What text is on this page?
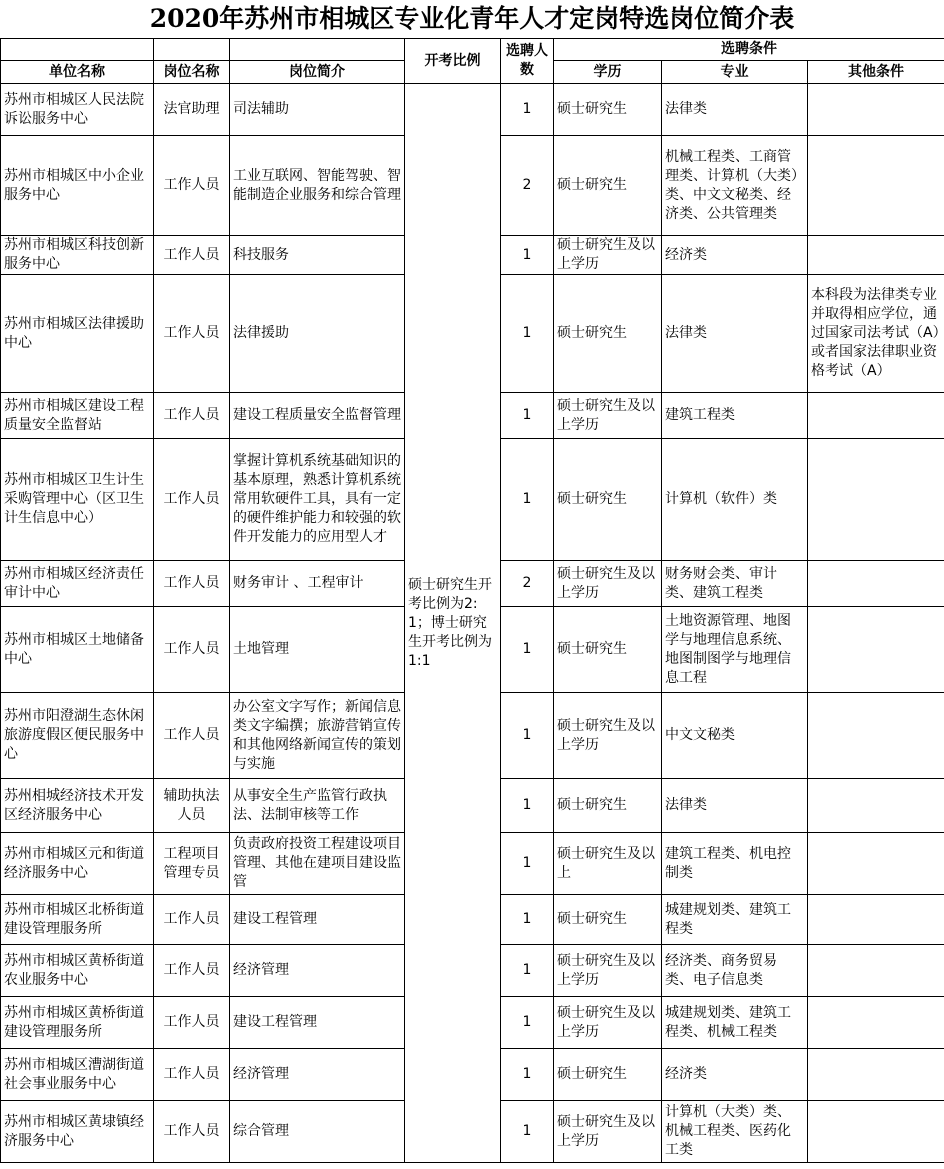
2020年苏州市相城区专业化青年人才定岗特选岗位简介表
			开考比例	选聘人数	选聘条件		
单位名称	岗位名称	岗位简介			学历	专业	其他条件
苏州市相城区人民法院诉讼服务中心	法官助理	司法辅助	硕士研究生开考比例为2:1；博士研究生开考比例为1:1	1	硕士研究生	法律类	
苏州市相城区中小企业服务中心	工作人员	工业互联网、智能驾驶、智能制造企业服务和综合管理		2	硕士研究生	机械工程类、工商管理类、计算机（大类）类、中文文秘类、经济类、公共管理类	
苏州市相城区科技创新服务中心	工作人员	科技服务		1	硕士研究生及以上学历	经济类	
苏州市相城区法律援助中心	工作人员	法律援助		1	硕士研究生	法律类	本科段为法律类专业并取得相应学位，通过国家司法考试（A）或者国家法律职业资格考试（A）
苏州市相城区建设工程质量安全监督站	工作人员	建设工程质量安全监督管理		1	硕士研究生及以上学历	建筑工程类	
苏州市相城区卫生计生采购管理中心（区卫生计生信息中心）	工作人员	掌握计算机系统基础知识的基本原理，熟悉计算机系统常用软硬件工具，具有一定的硬件维护能力和较强的软件开发能力的应用型人才		1	硕士研究生	计算机（软件）类	
苏州市相城区经济责任审计中心	工作人员	财务审计 、工程审计		2	硕士研究生及以上学历	财务财会类、审计类、建筑工程类	
苏州市相城区土地储备中心	工作人员	土地管理		1	硕士研究生	土地资源管理、地图学与地理信息系统、地图制图学与地理信息工程	
苏州市阳澄湖生态休闲旅游度假区便民服务中心	工作人员	办公室文字写作；新闻信息类文字编撰；旅游营销宣传和其他网络新闻宣传的策划与实施		1	硕士研究生及以上学历	中文文秘类	
苏州相城经济技术开发区经济服务中心	辅助执法人员	从事安全生产监管行政执法、法制审核等工作		1	硕士研究生	法律类	
苏州市相城区元和街道经济服务中心	工程项目管理专员	负责政府投资工程建设项目管理、其他在建项目建设监管		1	硕士研究生及以上	建筑工程类、机电控制类	
苏州市相城区北桥街道建设管理服务所	工作人员	建设工程管理		1	硕士研究生	城建规划类、建筑工程类	
苏州市相城区黄桥街道农业服务中心	工作人员	经济管理		1	硕士研究生及以上学历	经济类、商务贸易类、电子信息类	
苏州市相城区黄桥街道建设管理服务所	工作人员	建设工程管理		1	硕士研究生及以上学历	城建规划类、建筑工程类、机械工程类	
苏州市相城区漕湖街道社会事业服务中心	工作人员	经济管理		1	硕士研究生	经济类	
苏州市相城区黄埭镇经济服务中心	工作人员	综合管理		1	硕士研究生及以上学历	计算机（大类）类、机械工程类、医药化工类	
